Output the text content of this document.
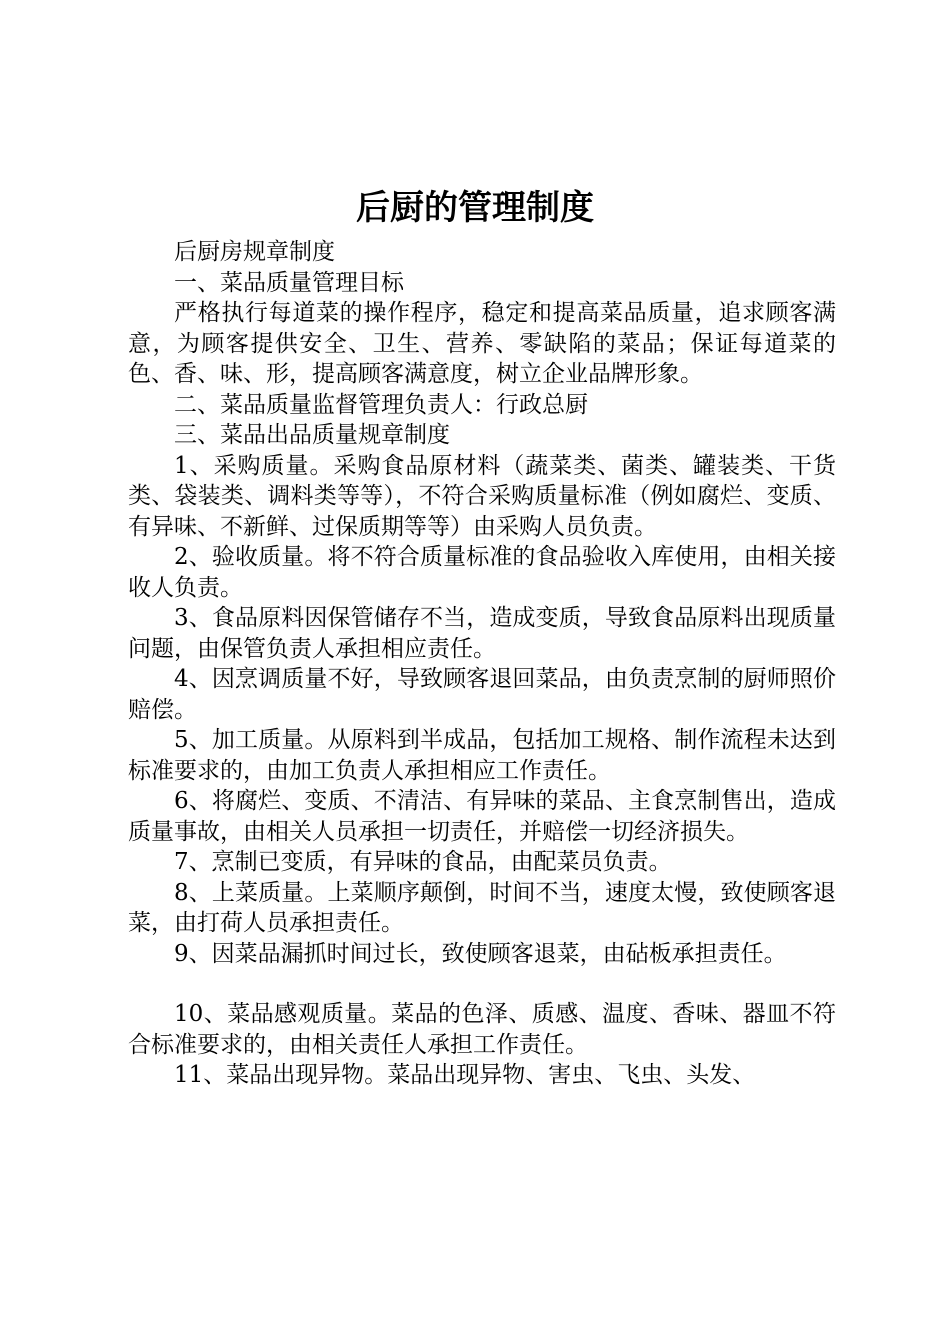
后厨的管理制度

后厨房规章制度

一、菜品质量管理目标

严格执行每道菜的操作程序，稳定和提高菜品质量，追求顾客满意，为顾客提供安全、卫生、营养、零缺陷的菜品；保证每道菜的色、香、味、形，提高顾客满意度，树立企业品牌形象。

二、菜品质量监督管理负责人：行政总厨

三、菜品出品质量规章制度

1、采购质量。采购食品原材料（蔬菜类、菌类、罐装类、干货类、袋装类、调料类等等），不符合采购质量标准（例如腐烂、变质、有异味、不新鲜、过保质期等等）由采购人员负责。

2、验收质量。将不符合质量标准的食品验收入库使用，由相关接收人负责。

3、食品原料因保管储存不当，造成变质，导致食品原料出现质量问题，由保管负责人承担相应责任。

4、因烹调质量不好，导致顾客退回菜品，由负责烹制的厨师照价赔偿。

5、加工质量。从原料到半成品，包括加工规格、制作流程未达到标准要求的，由加工负责人承担相应工作责任。

6、将腐烂、变质、不清洁、有异味的菜品、主食烹制售出，造成质量事故，由相关人员承担一切责任，并赔偿一切经济损失。

7、烹制已变质，有异味的食品，由配菜员负责。

8、上菜质量。上菜顺序颠倒，时间不当，速度太慢，致使顾客退菜，由打荷人员承担责任。

9、因菜品漏抓时间过长，致使顾客退菜，由砧板承担责任。

10、菜品感观质量。菜品的色泽、质感、温度、香味、器皿不符合标准要求的，由相关责任人承担工作责任。

11、菜品出现异物。菜品出现异物、害虫、飞虫、头发、
